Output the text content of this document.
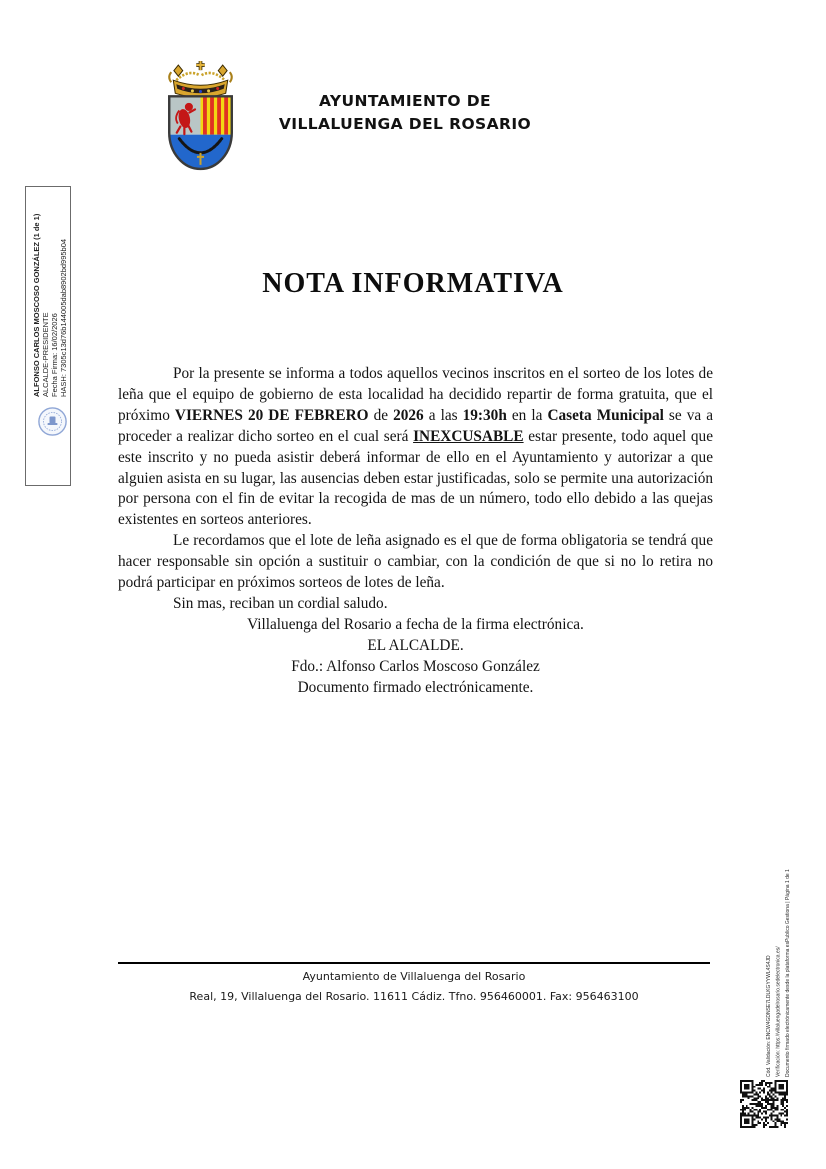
AYUNTAMIENTO DE
VILLALUENGA DEL ROSARIO
ALFONSO CARLOS MOSCOSO GONZÁLEZ (1 de 1) ALCALDE-PRESIDENTE Fecha Firma: 16/02/2026 HASH: 7305c13d76b144005dab8902bd995b04	NOTA INFORMATIVA

Por la presente se informa a todos aquellos vecinos inscritos en el sorteo de los lotes de leña que el equipo de gobierno de esta localidad ha decidido repartir de forma gratuita, que el próximo VIERNES 20 DE FEBRERO de 2026 a las 19:30h en la Caseta Municipal se va a proceder a realizar dicho sorteo en el cual será INEXCUSABLE estar presente, todo aquel que este inscrito y no pueda asistir deberá informar de ello en el Ayuntamiento y autorizar a que alguien asista en su lugar, las ausencias deben estar justificadas, solo se permite una autorización por persona con el fin de evitar la recogida de mas de un número, todo ello debido a las quejas existentes en sorteos anteriores.

Le recordamos que el lote de leña asignado es el que de forma obligatoria se tendrá que hacer responsable sin opción a sustituir o cambiar, con la condición de que si no lo retira no podrá participar en próximos sorteos de lotes de leña.

Sin mas, reciban un cordial saludo.

Villaluenga del Rosario a fecha de la firma electrónica.

EL ALCALDE.

Fdo.: Alfonso Carlos Moscoso González

Documento firmado electrónicamente.

Ayuntamiento de Villaluenga del Rosario
Real, 19, Villaluenga del Rosario. 11611 Cádiz. Tfno. 956460001. Fax: 956463100	Cód. Validación: ENCW4GDNSE7LDLKGYYWL4S4JD Verificación: https://villaluengadelrosario.sedelectronica.es/ Documento firmado electrónicamente desde la plataforma esPublico Gestiona | Página 1 de 1
